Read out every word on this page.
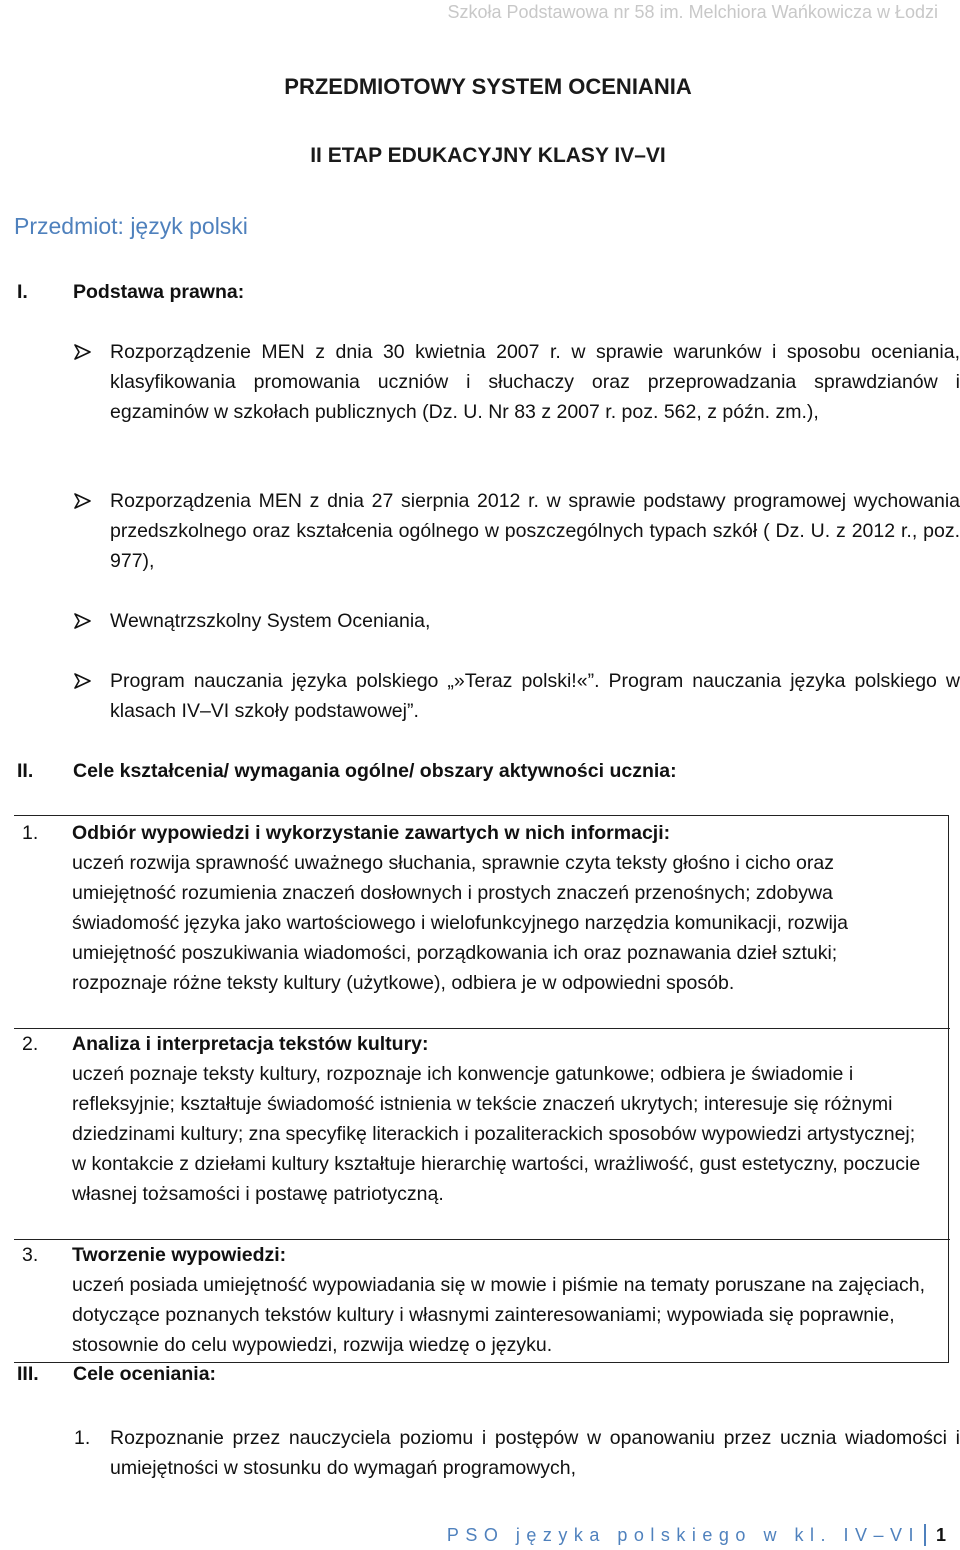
Szkoła Podstawowa nr 58 im. Melchiora Wańkowicza w Łodzi
PRZEDMIOTOWY SYSTEM OCENIANIA
II ETAP EDUKACYJNY KLASY IV–VI
Przedmiot: język polski
I.	Podstawa prawna:
Rozporządzenie MEN z dnia 30 kwietnia 2007 r. w sprawie warunków i sposobu oceniania, klasyfikowania promowania uczniów i słuchaczy oraz przeprowadzania sprawdzianów i egzaminów w szkołach publicznych (Dz. U. Nr 83 z 2007 r. poz. 562, z późn. zm.),
Rozporządzenia MEN z dnia 27 sierpnia 2012 r. w sprawie podstawy programowej wychowania przedszkolnego oraz kształcenia ogólnego w poszczególnych typach szkół ( Dz. U. z 2012 r., poz. 977),
Wewnątrzszkolny System Oceniania,
Program nauczania języka polskiego „»Teraz polski!«”. Program nauczania języka polskiego w klasach IV–VI szkoły podstawowej”.
II.	Cele kształcenia/ wymagania ogólne/ obszary aktywności ucznia:
1. Odbiór wypowiedzi i wykorzystanie zawartych w nich informacji:
uczeń rozwija sprawność uważnego słuchania, sprawnie czyta teksty głośno i cicho oraz umiejętność rozumienia znaczeń dosłownych i prostych znaczeń przenośnych; zdobywa świadomość języka jako wartościowego i wielofunkcyjnego narzędzia komunikacji, rozwija umiejętność poszukiwania wiadomości, porządkowania ich oraz poznawania dzieł sztuki; rozpoznaje różne teksty kultury (użytkowe), odbiera je w odpowiedni sposób.
2. Analiza i interpretacja tekstów kultury:
uczeń poznaje teksty kultury, rozpoznaje ich konwencje gatunkowe; odbiera je świadomie i refleksyjnie; kształtuje świadomość istnienia w tekście znaczeń ukrytych; interesuje się różnymi dziedzinami kultury; zna specyfikę literackich i pozaliterackich sposobów wypowiedzi artystycznej; w kontakcie z dziełami kultury kształtuje hierarchię wartości, wrażliwość, gust estetyczny, poczucie własnej tożsamości i postawę patriotyczną.
3. Tworzenie wypowiedzi:
uczeń posiada umiejętność wypowiadania się w mowie i piśmie na tematy poruszane na zajęciach, dotyczące poznanych tekstów kultury i własnymi zainteresowaniami; wypowiada się poprawnie, stosownie do celu wypowiedzi, rozwija wiedzę o języku.
III.	Cele oceniania:
1. Rozpoznanie przez nauczyciela poziomu i postępów w opanowaniu przez ucznia wiadomości i umiejętności w stosunku do wymagań programowych,
PSO języka polskiego w kl. IV–VI 1
